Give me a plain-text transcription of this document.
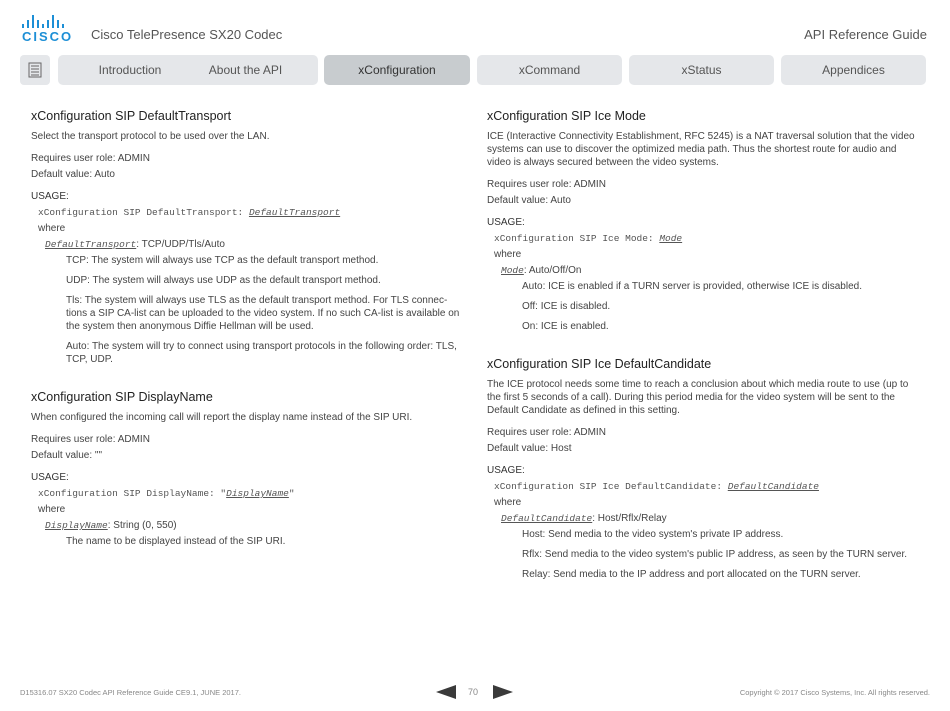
CISCO Cisco TelePresence SX20 Codec	API Reference Guide
Introduction	About the API	xConfiguration	xCommand	xStatus	Appendices
xConfiguration SIP DefaultTransport

Select the transport protocol to be used over the LAN.

Requires user role: ADMIN

Default value: Auto

USAGE:
xConfiguration SIP DefaultTransport: DefaultTransport
where
DefaultTransport: TCP/UDP/Tls/Auto
TCP: The system will always use TCP as the default transport method.
UDP: The system will always use UDP as the default transport method.
Tls: The system will always use TLS as the default transport method. For TLS connec- tions a SIP CA-list can be uploaded to the video system. If no such CA-list is available on the system then anonymous Diffie Hellman will be used.
Auto: The system will try to connect using transport protocols in the following order: TLS, TCP, UDP.
xConfiguration SIP DisplayName

When configured the incoming call will report the display name instead of the SIP URI.

Requires user role: ADMIN

Default value: ""

USAGE:
xConfiguration SIP DisplayName: "DisplayName"
where
DisplayName: String (0, 550)
The name to be displayed instead of the SIP URI.
xConfiguration SIP Ice Mode

ICE (Interactive Connectivity Establishment, RFC 5245) is a NAT traversal solution that the video systems can use to discover the optimized media path. Thus the shortest route for audio and video is always secured between the video systems.

Requires user role: ADMIN

Default value: Auto

USAGE:
xConfiguration SIP Ice Mode: Mode
where
Mode: Auto/Off/On
Auto: ICE is enabled if a TURN server is provided, otherwise ICE is disabled.
Off: ICE is disabled.
On: ICE is enabled.
xConfiguration SIP Ice DefaultCandidate

The ICE protocol needs some time to reach a conclusion about which media route to use (up to the first 5 seconds of a call). During this period media for the video system will be sent to the Default Candidate as defined in this setting.

Requires user role: ADMIN

Default value: Host

USAGE:
xConfiguration SIP Ice DefaultCandidate: DefaultCandidate
where
DefaultCandidate: Host/Rflx/Relay
Host: Send media to the video system's private IP address.
Rflx: Send media to the video system's public IP address, as seen by the TURN server.
Relay: Send media to the IP address and port allocated on the TURN server.
D15316.07 SX20 Codec API Reference Guide CE9.1, JUNE 2017.	70	Copyright © 2017 Cisco Systems, Inc. All rights reserved.
